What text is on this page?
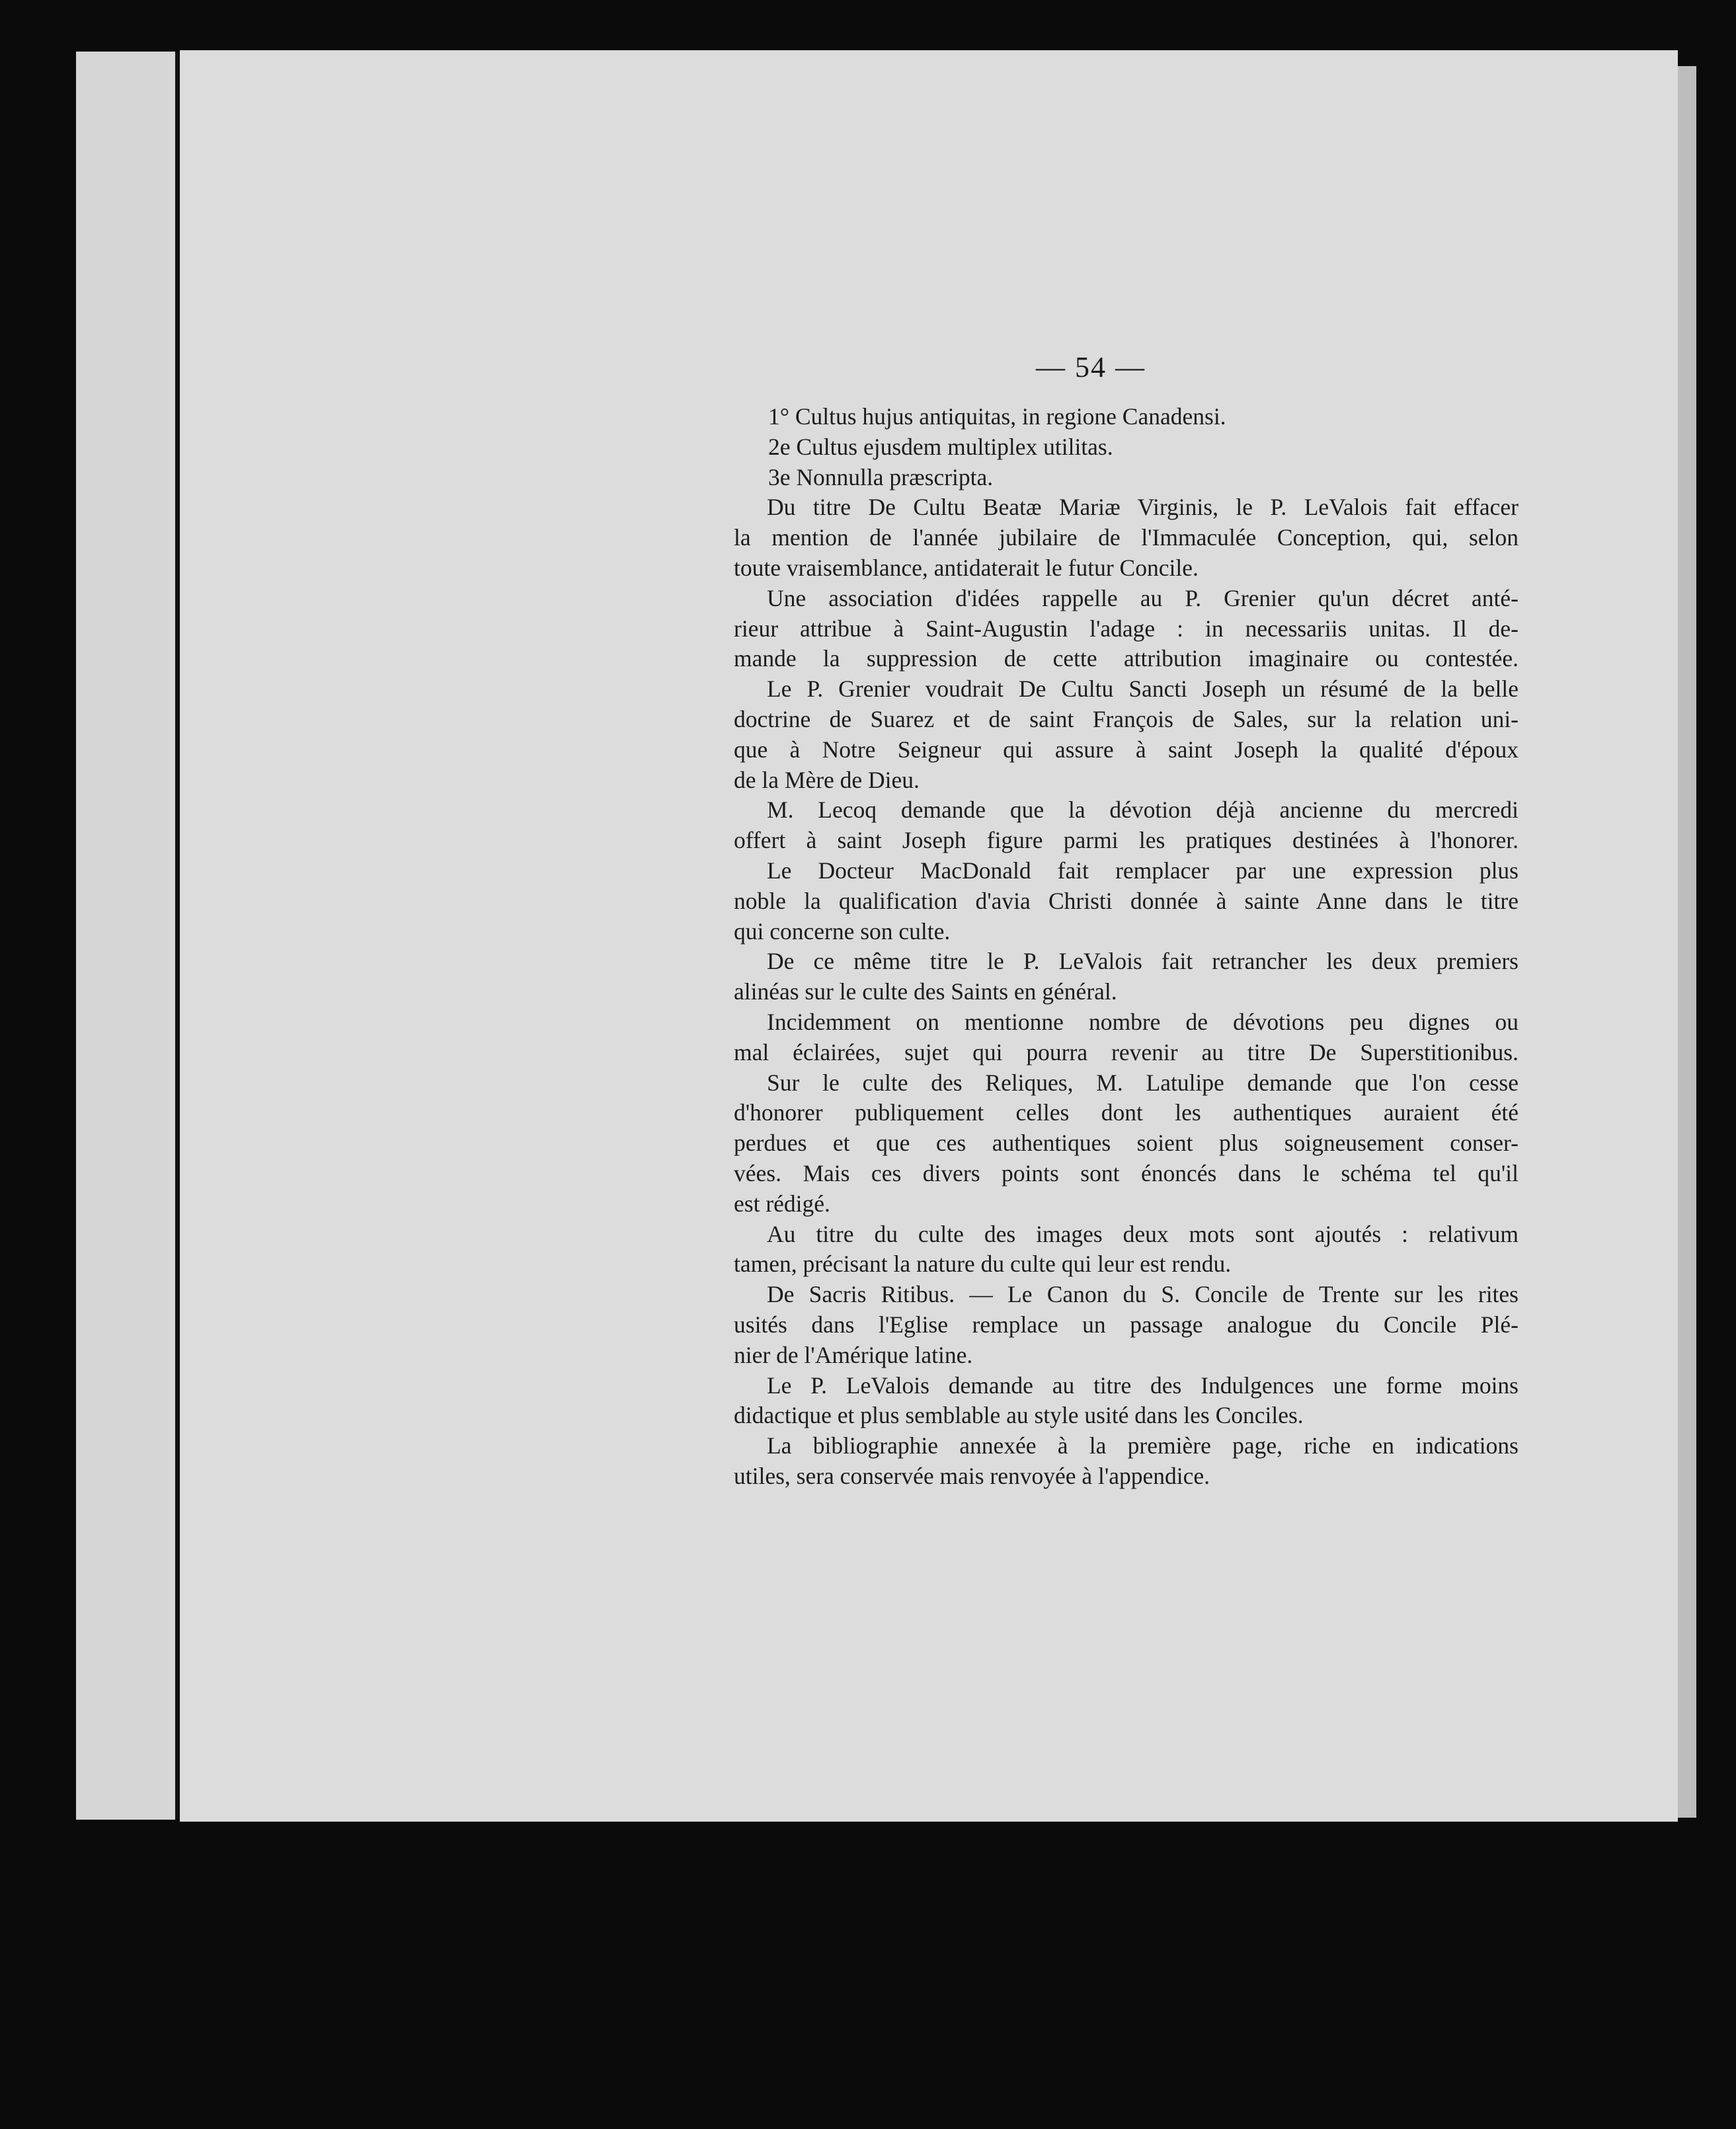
— 54 —
1° Cultus hujus antiquitas, in regione Canadensi.
2e Cultus ejusdem multiplex utilitas.
3e Nonnulla præscripta.
Du titre De Cultu Beatæ Mariæ Virginis, le P. LeValois fait effacer
la mention de l'année jubilaire de l'Immaculée Conception, qui, selon
toute vraisemblance, antidaterait le futur Concile.
Une association d'idées rappelle au P. Grenier qu'un décret anté-
rieur attribue à Saint-Augustin l'adage : in necessariis unitas. Il de-
mande la suppression de cette attribution imaginaire ou contestée.
Le P. Grenier voudrait De Cultu Sancti Joseph un résumé de la belle
doctrine de Suarez et de saint François de Sales, sur la relation uni-
que à Notre Seigneur qui assure à saint Joseph la qualité d'époux
de la Mère de Dieu.
M. Lecoq demande que la dévotion déjà ancienne du mercredi
offert à saint Joseph figure parmi les pratiques destinées à l'honorer.
Le Docteur MacDonald fait remplacer par une expression plus
noble la qualification d'avia Christi donnée à sainte Anne dans le titre
qui concerne son culte.
De ce même titre le P. LeValois fait retrancher les deux premiers
alinéas sur le culte des Saints en général.
Incidemment on mentionne nombre de dévotions peu dignes ou
mal éclairées, sujet qui pourra revenir au titre De Superstitionibus.
Sur le culte des Reliques, M. Latulipe demande que l'on cesse
d'honorer publiquement celles dont les authentiques auraient été
perdues et que ces authentiques soient plus soigneusement conser-
vées. Mais ces divers points sont énoncés dans le schéma tel qu'il
est rédigé.
Au titre du culte des images deux mots sont ajoutés : relativum
tamen, précisant la nature du culte qui leur est rendu.
De Sacris Ritibus. — Le Canon du S. Concile de Trente sur les rites
usités dans l'Eglise remplace un passage analogue du Concile Plé-
nier de l'Amérique latine.
Le P. LeValois demande au titre des Indulgences une forme moins
didactique et plus semblable au style usité dans les Conciles.
La bibliographie annexée à la première page, riche en indications
utiles, sera conservée mais renvoyée à l'appendice.
